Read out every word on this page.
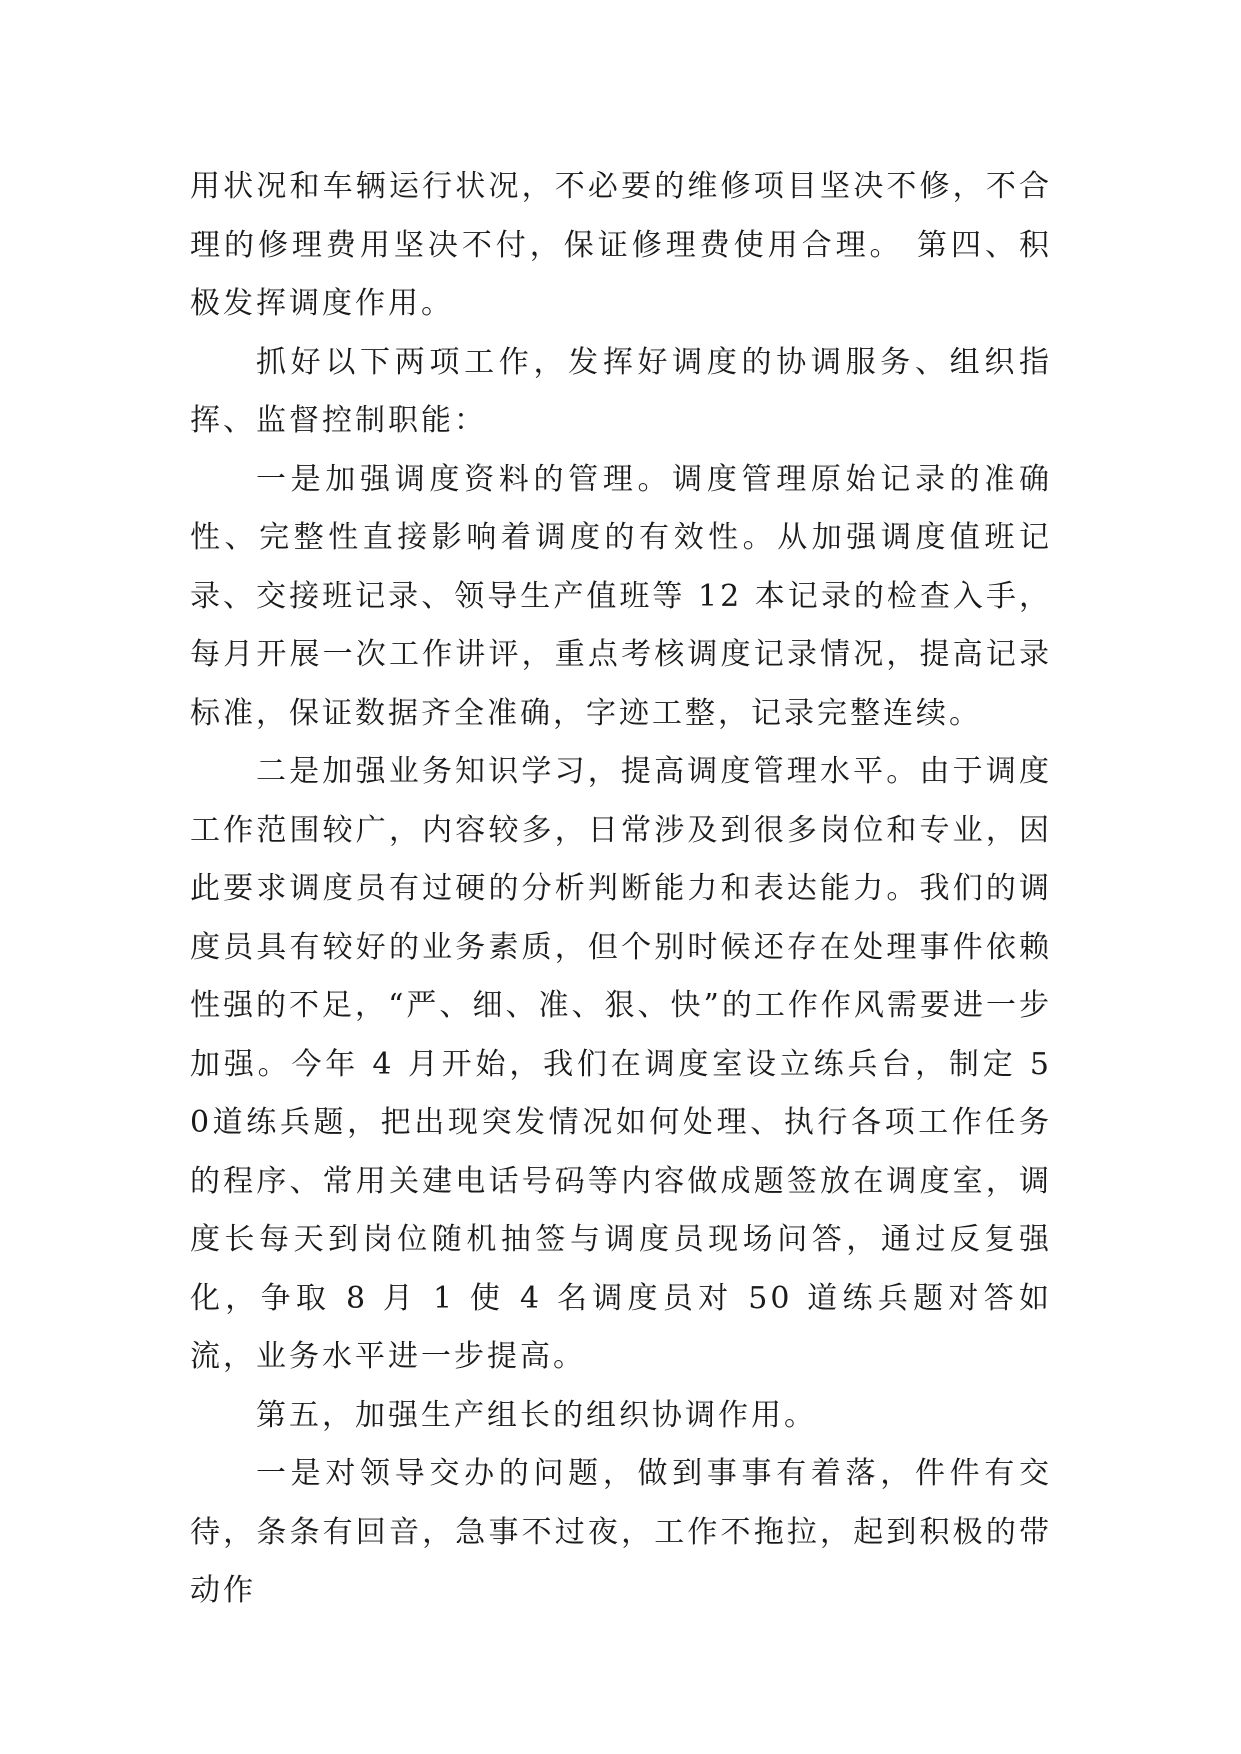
用状况和车辆运行状况，不必要的维修项目坚决不修，不合理的修理费用坚决不付，保证修理费使用合理。 第四、积极发挥调度作用。

抓好以下两项工作，发挥好调度的协调服务、组织指挥、监督控制职能：

一是加强调度资料的管理。调度管理原始记录的准确性、完整性直接影响着调度的有效性。从加强调度值班记录、交接班记录、领导生产值班等 12 本记录的检查入手，每月开展一次工作讲评，重点考核调度记录情况，提高记录标准，保证数据齐全准确，字迹工整，记录完整连续。

二是加强业务知识学习，提高调度管理水平。由于调度工作范围较广，内容较多，日常涉及到很多岗位和专业，因此要求调度员有过硬的分析判断能力和表达能力。我们的调度员具有较好的业务素质，但个别时候还存在处理事件依赖性强的不足，“严、细、准、狠、快”的工作作风需要进一步加强。今年 4 月开始，我们在调度室设立练兵台，制定 50道练兵题，把出现突发情况如何处理、执行各项工作任务的程序、常用关建电话号码等内容做成题签放在调度室，调度长每天到岗位随机抽签与调度员现场问答，通过反复强化，争取 8 月 1 使 4 名调度员对 50 道练兵题对答如流，业务水平进一步提高。

第五，加强生产组长的组织协调作用。

一是对领导交办的问题，做到事事有着落，件件有交待，条条有回音，急事不过夜，工作不拖拉，起到积极的带动作
